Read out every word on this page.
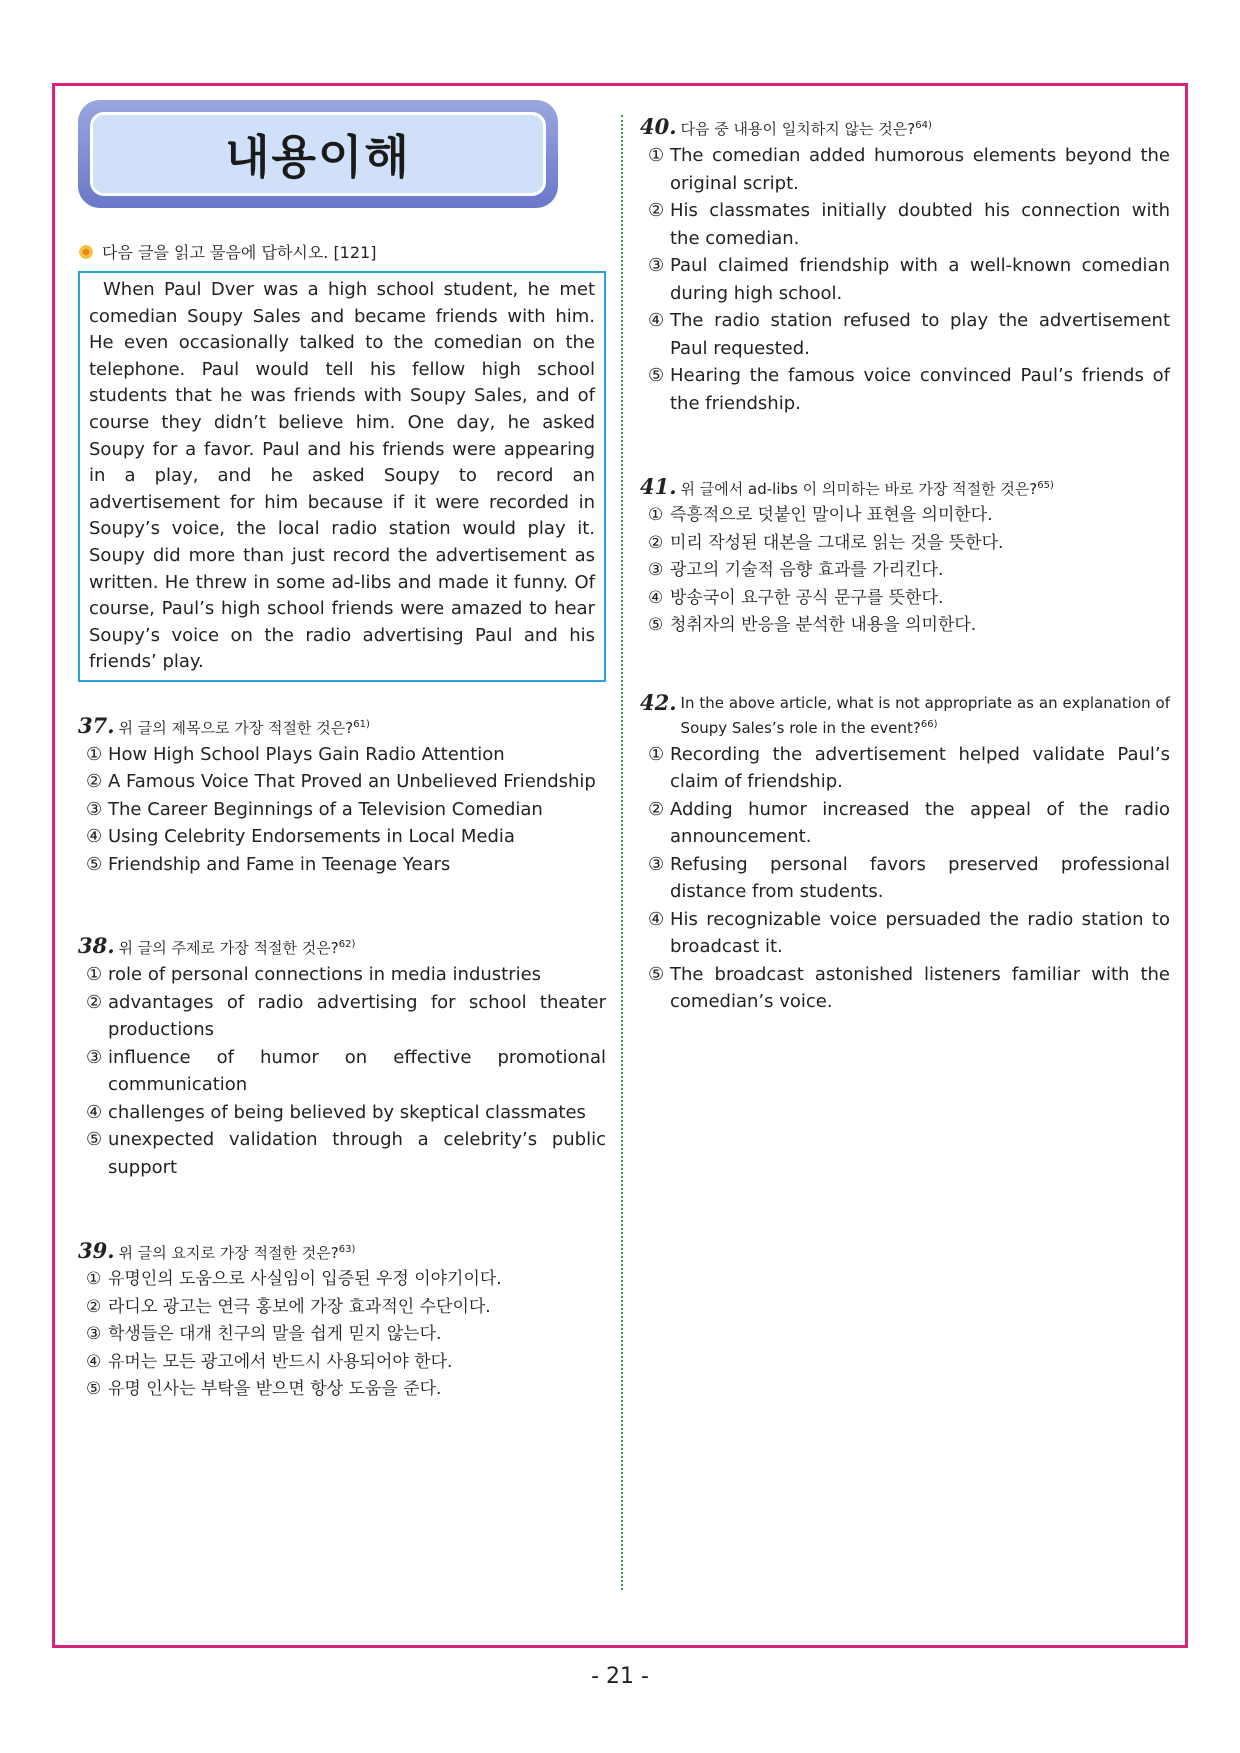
내용이해
다음 글을 읽고 물음에 답하시오. [121]

When Paul Dver was a high school student, he met comedian Soupy Sales and became friends with him. He even occasionally talked to the comedian on the telephone. Paul would tell his fellow high school students that he was friends with Soupy Sales, and of course they didn’t believe him. One day, he asked Soupy for a favor. Paul and his friends were appearing in a play, and he asked Soupy to record an advertisement for him because if it were recorded in Soupy’s voice, the local radio station would play it. Soupy did more than just record the advertisement as written. He threw in some ad-libs and made it funny. Of course, Paul’s high school friends were amazed to hear Soupy’s voice on the radio advertising Paul and his friends’ play.

37. 위 글의 제목으로 가장 적절한 것은?$^{61)}$
① How High School Plays Gain Radio Attention
② A Famous Voice That Proved an Unbelieved Friendship
③ The Career Beginnings of a Television Comedian
④ Using Celebrity Endorsements in Local Media
⑤ Friendship and Fame in Teenage Years
38. 위 글의 주제로 가장 적절한 것은?$^{62)}$
① role of personal connections in media industries
② advantages of radio advertising for school theater productions
③ influence of humor on effective promotional communication
④ challenges of being believed by skeptical classmates
⑤ unexpected validation through a celebrity’s public support
39. 위 글의 요지로 가장 적절한 것은?$^{63)}$
① 유명인의 도움으로 사실임이 입증된 우정 이야기이다.
② 라디오 광고는 연극 홍보에 가장 효과적인 수단이다.
③ 학생들은 대개 친구의 말을 쉽게 믿지 않는다.
④ 유머는 모든 광고에서 반드시 사용되어야 한다.
⑤ 유명 인사는 부탁을 받으면 항상 도움을 준다.
40. 다음 중 내용이 일치하지 않는 것은?$^{64)}$
① The comedian added humorous elements beyond the original script.
② His classmates initially doubted his connection with the comedian.
③ Paul claimed friendship with a well-known comedian during high school.
④ The radio station refused to play the advertisement Paul requested.
⑤ Hearing the famous voice convinced Paul’s friends of the friendship.
41. 위 글에서 ad-libs 이 의미하는 바로 가장 적절한 것은?$^{65)}$
① 즉흥적으로 덧붙인 말이나 표현을 의미한다.
② 미리 작성된 대본을 그대로 읽는 것을 뜻한다.
③ 광고의 기술적 음향 효과를 가리킨다.
④ 방송국이 요구한 공식 문구를 뜻한다.
⑤ 청취자의 반응을 분석한 내용을 의미한다.
42. In the above article, what is not appropriate as an explanation of Soupy Sales’s role in the event?$^{66)}$
① Recording the advertisement helped validate Paul’s claim of friendship.
② Adding humor increased the appeal of the radio announcement.
③ Refusing personal favors preserved professional distance from students.
④ His recognizable voice persuaded the radio station to broadcast it.
⑤ The broadcast astonished listeners familiar with the comedian’s voice.
- 21 -
